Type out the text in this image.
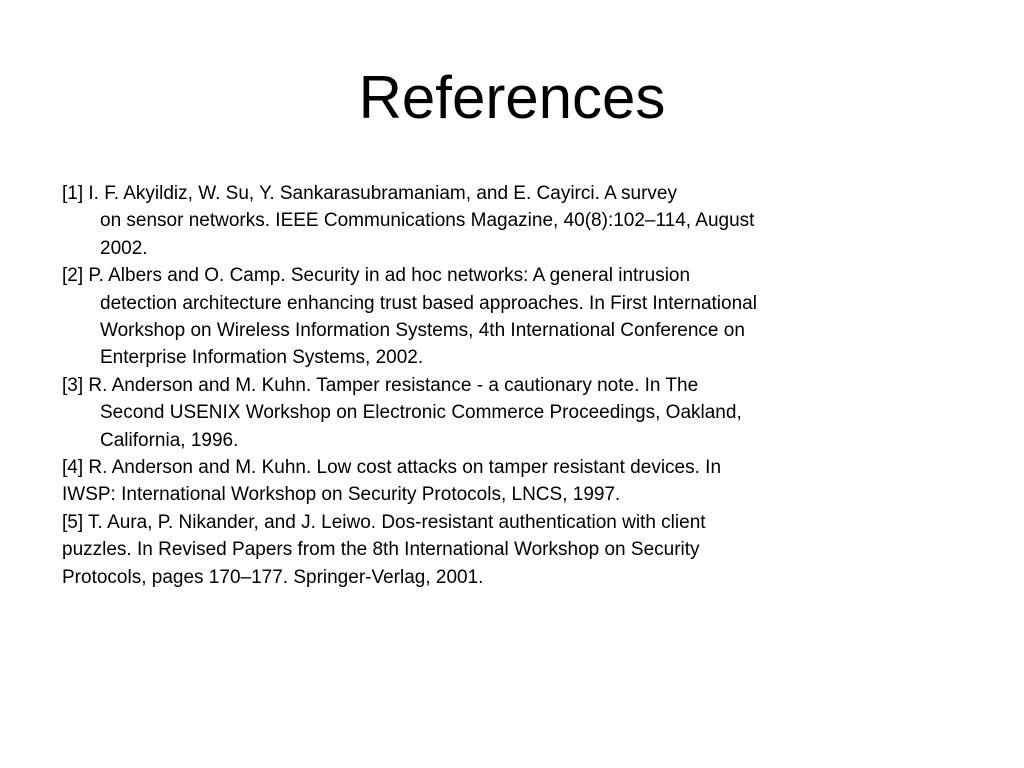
References
[1] I. F. Akyildiz, W. Su, Y. Sankarasubramaniam, and E. Cayirci. A survey
on sensor networks. IEEE Communications Magazine, 40(8):102–114, August
2002.
[2] P. Albers and O. Camp. Security in ad hoc networks: A general intrusion
detection architecture enhancing trust based approaches. In First International
Workshop on Wireless Information Systems, 4th International Conference on
Enterprise Information Systems, 2002.
[3] R. Anderson and M. Kuhn. Tamper resistance - a cautionary note. In The
Second USENIX Workshop on Electronic Commerce Proceedings, Oakland,
California, 1996.
[4] R. Anderson and M. Kuhn. Low cost attacks on tamper resistant devices. In
IWSP: International Workshop on Security Protocols, LNCS, 1997.
[5] T. Aura, P. Nikander, and J. Leiwo. Dos-resistant authentication with client
puzzles. In Revised Papers from the 8th International Workshop on Security
Protocols, pages 170–177. Springer-Verlag, 2001.
